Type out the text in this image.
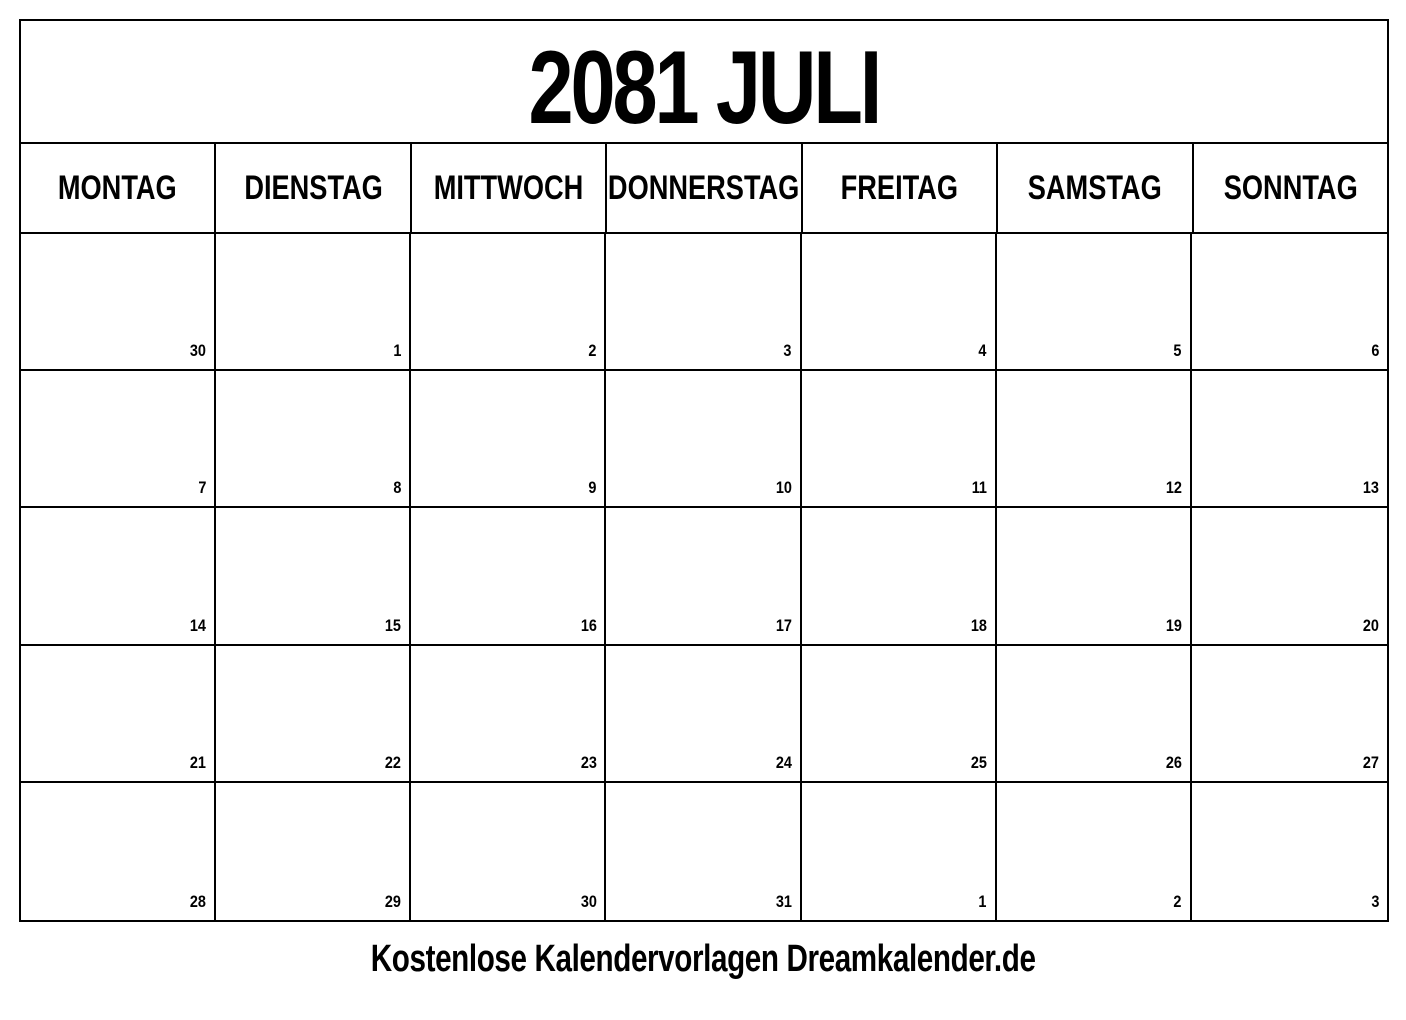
2081 JULI
MONTAG DIENSTAG MITTWOCH DONNERSTAG FREITAG SAMSTAG SONNTAG
30	1	2	3	4	5	6
7	8	9	10	11	12	13
14	15	16	17	18	19	20
21	22	23	24	25	26	27
28	29	30	31	1	2	3
Kostenlose Kalendervorlagen Dreamkalender.de
